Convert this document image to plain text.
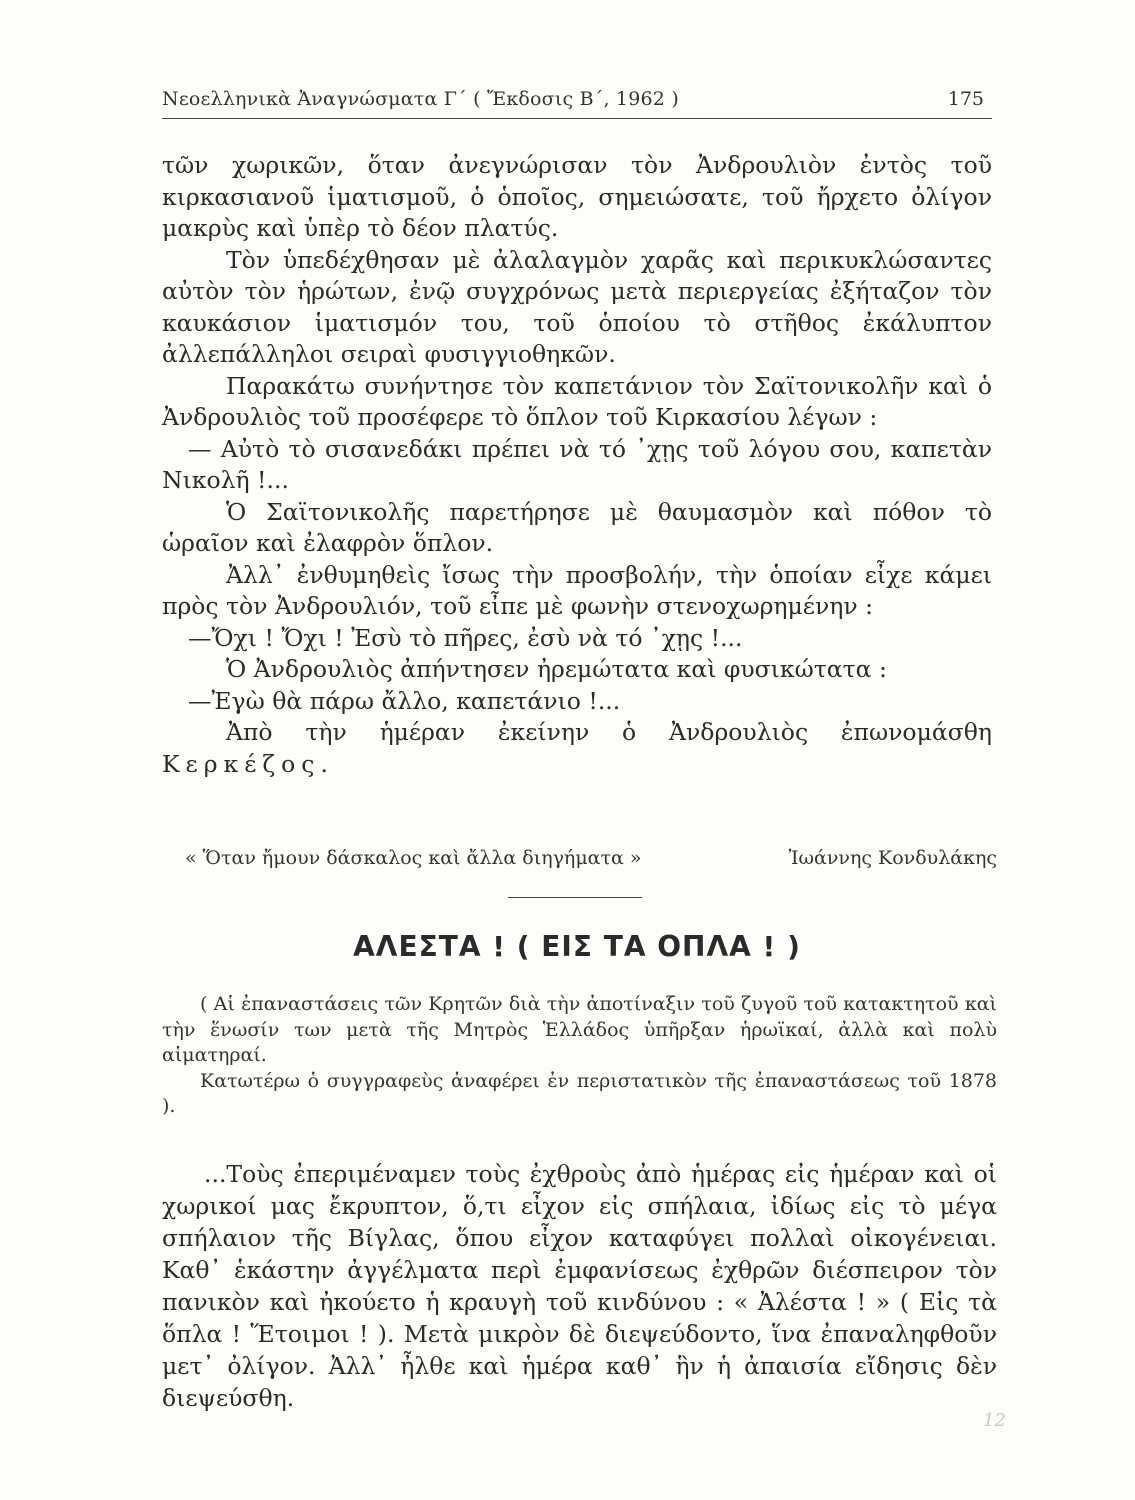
Νεοελληνικὰ Ἀναγνώσματα Γ´ ( Ἔκδοσις Β´, 1962 )	175

τῶν χωρικῶν, ὅταν ἀνεγνώρισαν τὸν Ἀνδρουλιὸν ἐντὸς τοῦ κιρκασιανοῦ ἱματισμοῦ, ὁ ὁποῖος, σημειώσατε, τοῦ ἤρχετο ὀλίγον μακρὺς καὶ ὑπὲρ τὸ δέον πλατύς.

Τὸν ὑπεδέχθησαν μὲ ἀλαλαγμὸν χαρᾶς καὶ περικυκλώσαντες αὐτὸν τὸν ἡρώτων, ἐνῷ συγχρόνως μετὰ περιεργείας ἐξήταζον τὸν καυκάσιον ἱματισμόν του, τοῦ ὁποίου τὸ στῆθος ἐκάλυπτον ἀλλεπάλληλοι σειραὶ φυσιγγιοθηκῶν.

Παρακάτω συνήντησε τὸν καπετάνιον τὸν Σαϊτονικολῆν καὶ ὁ Ἀνδρουλιὸς τοῦ προσέφερε τὸ ὅπλον τοῦ Κιρκασίου λέγων :

— Αὐτὸ τὸ σισανεδάκι πρέπει νὰ τό ᾿χῃς τοῦ λόγου σου, καπετὰν Νικολῆ !...

Ὁ Σαϊτονικολῆς παρετήρησε μὲ θαυμασμὸν καὶ πόθον τὸ ὡραῖον καὶ ἐλαφρὸν ὅπλον.

Ἀλλ᾿ ἐνθυμηθεὶς ἴσως τὴν προσβολήν, τὴν ὁποίαν εἶχε κάμει πρὸς τὸν Ἀνδρουλιόν, τοῦ εἶπε μὲ φωνὴν στενοχωρημένην :

—Ὄχι ! Ὄχι ! Ἐσὺ τὸ πῆρες, ἐσὺ νὰ τό ᾿χῃς !...

Ὁ Ἀνδρουλιὸς ἀπήντησεν ἠρεμώτατα καὶ φυσικώτατα :

—Ἐγὼ θὰ πάρω ἄλλο, καπετάνιο !...

Ἀπὸ τὴν ἡμέραν ἐκείνην ὁ Ἀνδρουλιὸς ἐπωνομάσθη Κερκέζος.

« Ὅταν ἤμουν δάσκαλος καὶ ἄλλα διηγήματα »	Ἰωάννης Κονδυλάκης
ΑΛΕΣΤΑ ! ( ΕΙΣ ΤΑ ΟΠΛΑ ! )

( Αἱ ἐπαναστάσεις τῶν Κρητῶν διὰ τὴν ἀποτίναξιν τοῦ ζυγοῦ τοῦ κατακτητοῦ καὶ τὴν ἕνωσίν των μετὰ τῆς Μητρὸς Ἑλλάδος ὑπῆρξαν ἡρωϊκαί, ἀλλὰ καὶ πολὺ αἱματηραί.

Κατωτέρω ὁ συγγραφεὺς ἀναφέρει ἐν περιστατικὸν τῆς ἐπαναστάσεως τοῦ 1878 ).

...Τοὺς ἐπεριμέναμεν τοὺς ἐχθροὺς ἀπὸ ἡμέρας εἰς ἡμέραν καὶ οἱ χωρικοί μας ἔκρυπτον, ὅ,τι εἶχον εἰς σπήλαια, ἰδίως εἰς τὸ μέγα σπήλαιον τῆς Βίγλας, ὅπου εἶχον καταφύγει πολλαὶ οἰκογένειαι. Καθ᾿ ἑκάστην ἀγγέλματα περὶ ἐμφανίσεως ἐχθρῶν διέσπειρον τὸν πανικὸν καὶ ἠκούετο ἡ κραυγὴ τοῦ κινδύνου : « Ἀλέστα ! » ( Εἰς τὰ ὅπλα ! Ἕτοιμοι ! ). Μετὰ μικρὸν δὲ διεψεύδοντο, ἵνα ἐπαναληφθοῦν μετ᾿ ὀλίγον. Ἀλλ᾿ ἦλθε καὶ ἡμέρα καθ᾿ ἣν ἡ ἀπαισία εἴδησις δὲν διεψεύσθη.

12
